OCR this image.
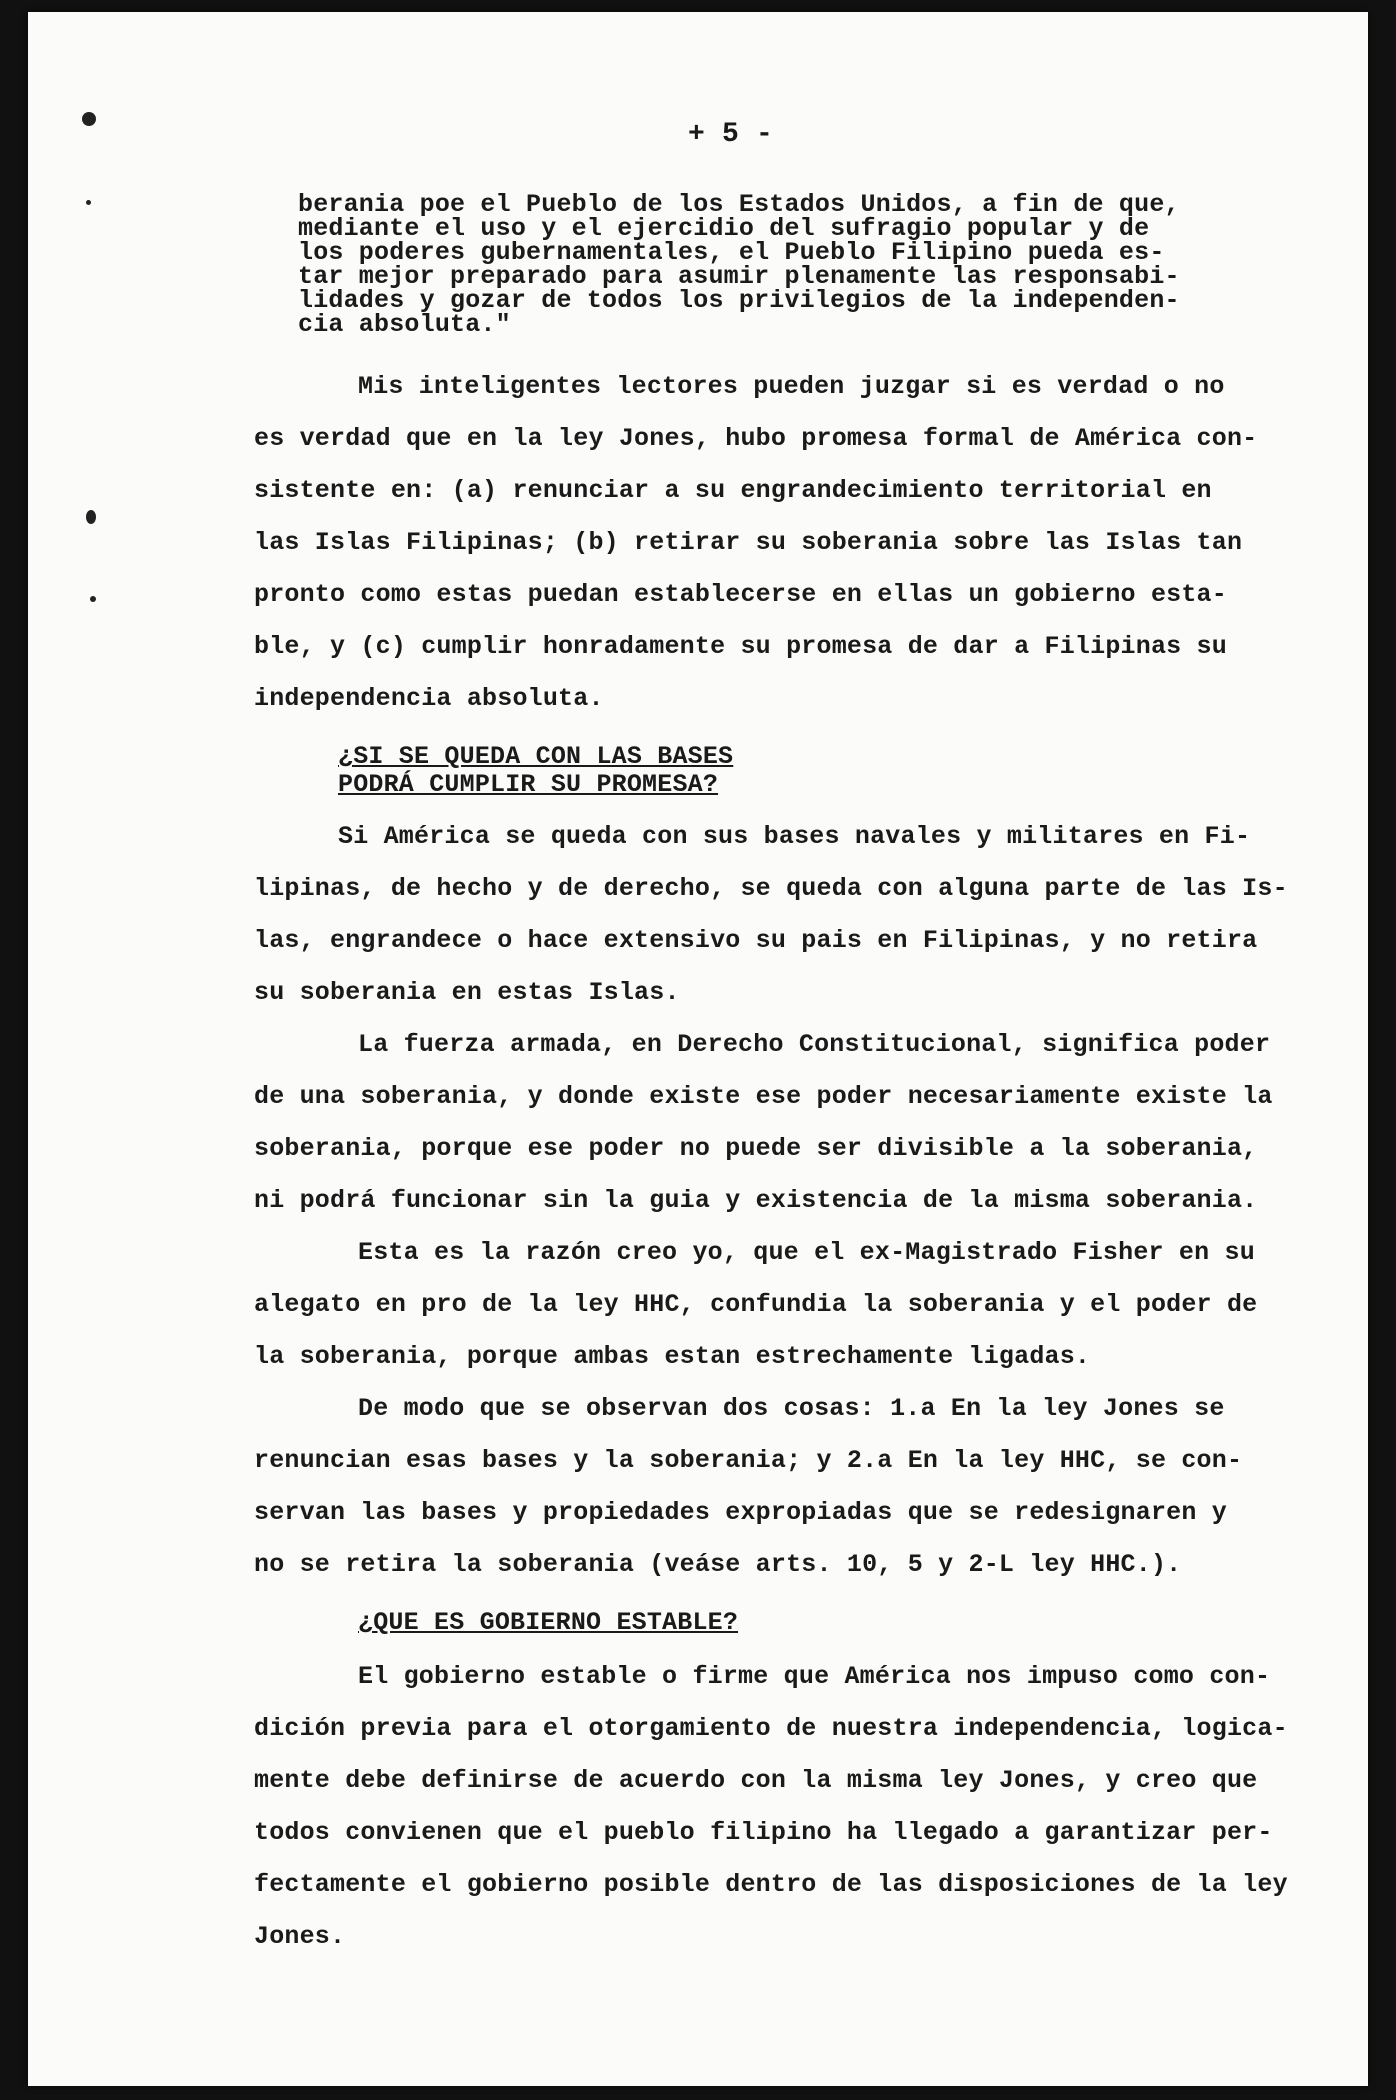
+ 5 -
berania poe el Pueblo de los Estados Unidos, a fin de que,
mediante el uso y el ejercidio del sufragio popular y de
los poderes gubernamentales, el Pueblo Filipino pueda es-
tar mejor preparado para asumir plenamente las responsabi-
lidades y gozar de todos los privilegios de la independen-
cia absoluta."
Mis inteligentes lectores pueden juzgar si es verdad o no
es verdad que en la ley Jones, hubo promesa formal de América con-
sistente en: (a) renunciar a su engrandecimiento territorial en
las Islas Filipinas; (b) retirar su soberania sobre las Islas tan
pronto como estas puedan establecerse en ellas un gobierno esta-
ble, y (c) cumplir honradamente su promesa de dar a Filipinas su
independencia absoluta.
¿SI SE QUEDA CON LAS BASES
PODRÁ CUMPLIR SU PROMESA?
Si América se queda con sus bases navales y militares en Fi-
lipinas, de hecho y de derecho, se queda con alguna parte de las Is-
las, engrandece o hace extensivo su pais en Filipinas, y no retira
su soberania en estas Islas.
La fuerza armada, en Derecho Constitucional, significa poder
de una soberania, y donde existe ese poder necesariamente existe la
soberania, porque ese poder no puede ser divisible a la soberania,
ni podrá funcionar sin la guia y existencia de la misma soberania.
Esta es la razón creo yo, que el ex-Magistrado Fisher en su
alegato en pro de la ley HHC, confundia la soberania y el poder de
la soberania, porque ambas estan estrechamente ligadas.
De modo que se observan dos cosas: 1.a En la ley Jones se
renuncian esas bases y la soberania; y 2.a En la ley HHC, se con-
servan las bases y propiedades expropiadas que se redesignaren y
no se retira la soberania (veáse arts. 10, 5 y 2-L ley HHC.).
¿QUE ES GOBIERNO ESTABLE?
El gobierno estable o firme que América nos impuso como con-
dición previa para el otorgamiento de nuestra independencia, logica-
mente debe definirse de acuerdo con la misma ley Jones, y creo que
todos convienen que el pueblo filipino ha llegado a garantizar per-
fectamente el gobierno posible dentro de las disposiciones de la ley
Jones.
